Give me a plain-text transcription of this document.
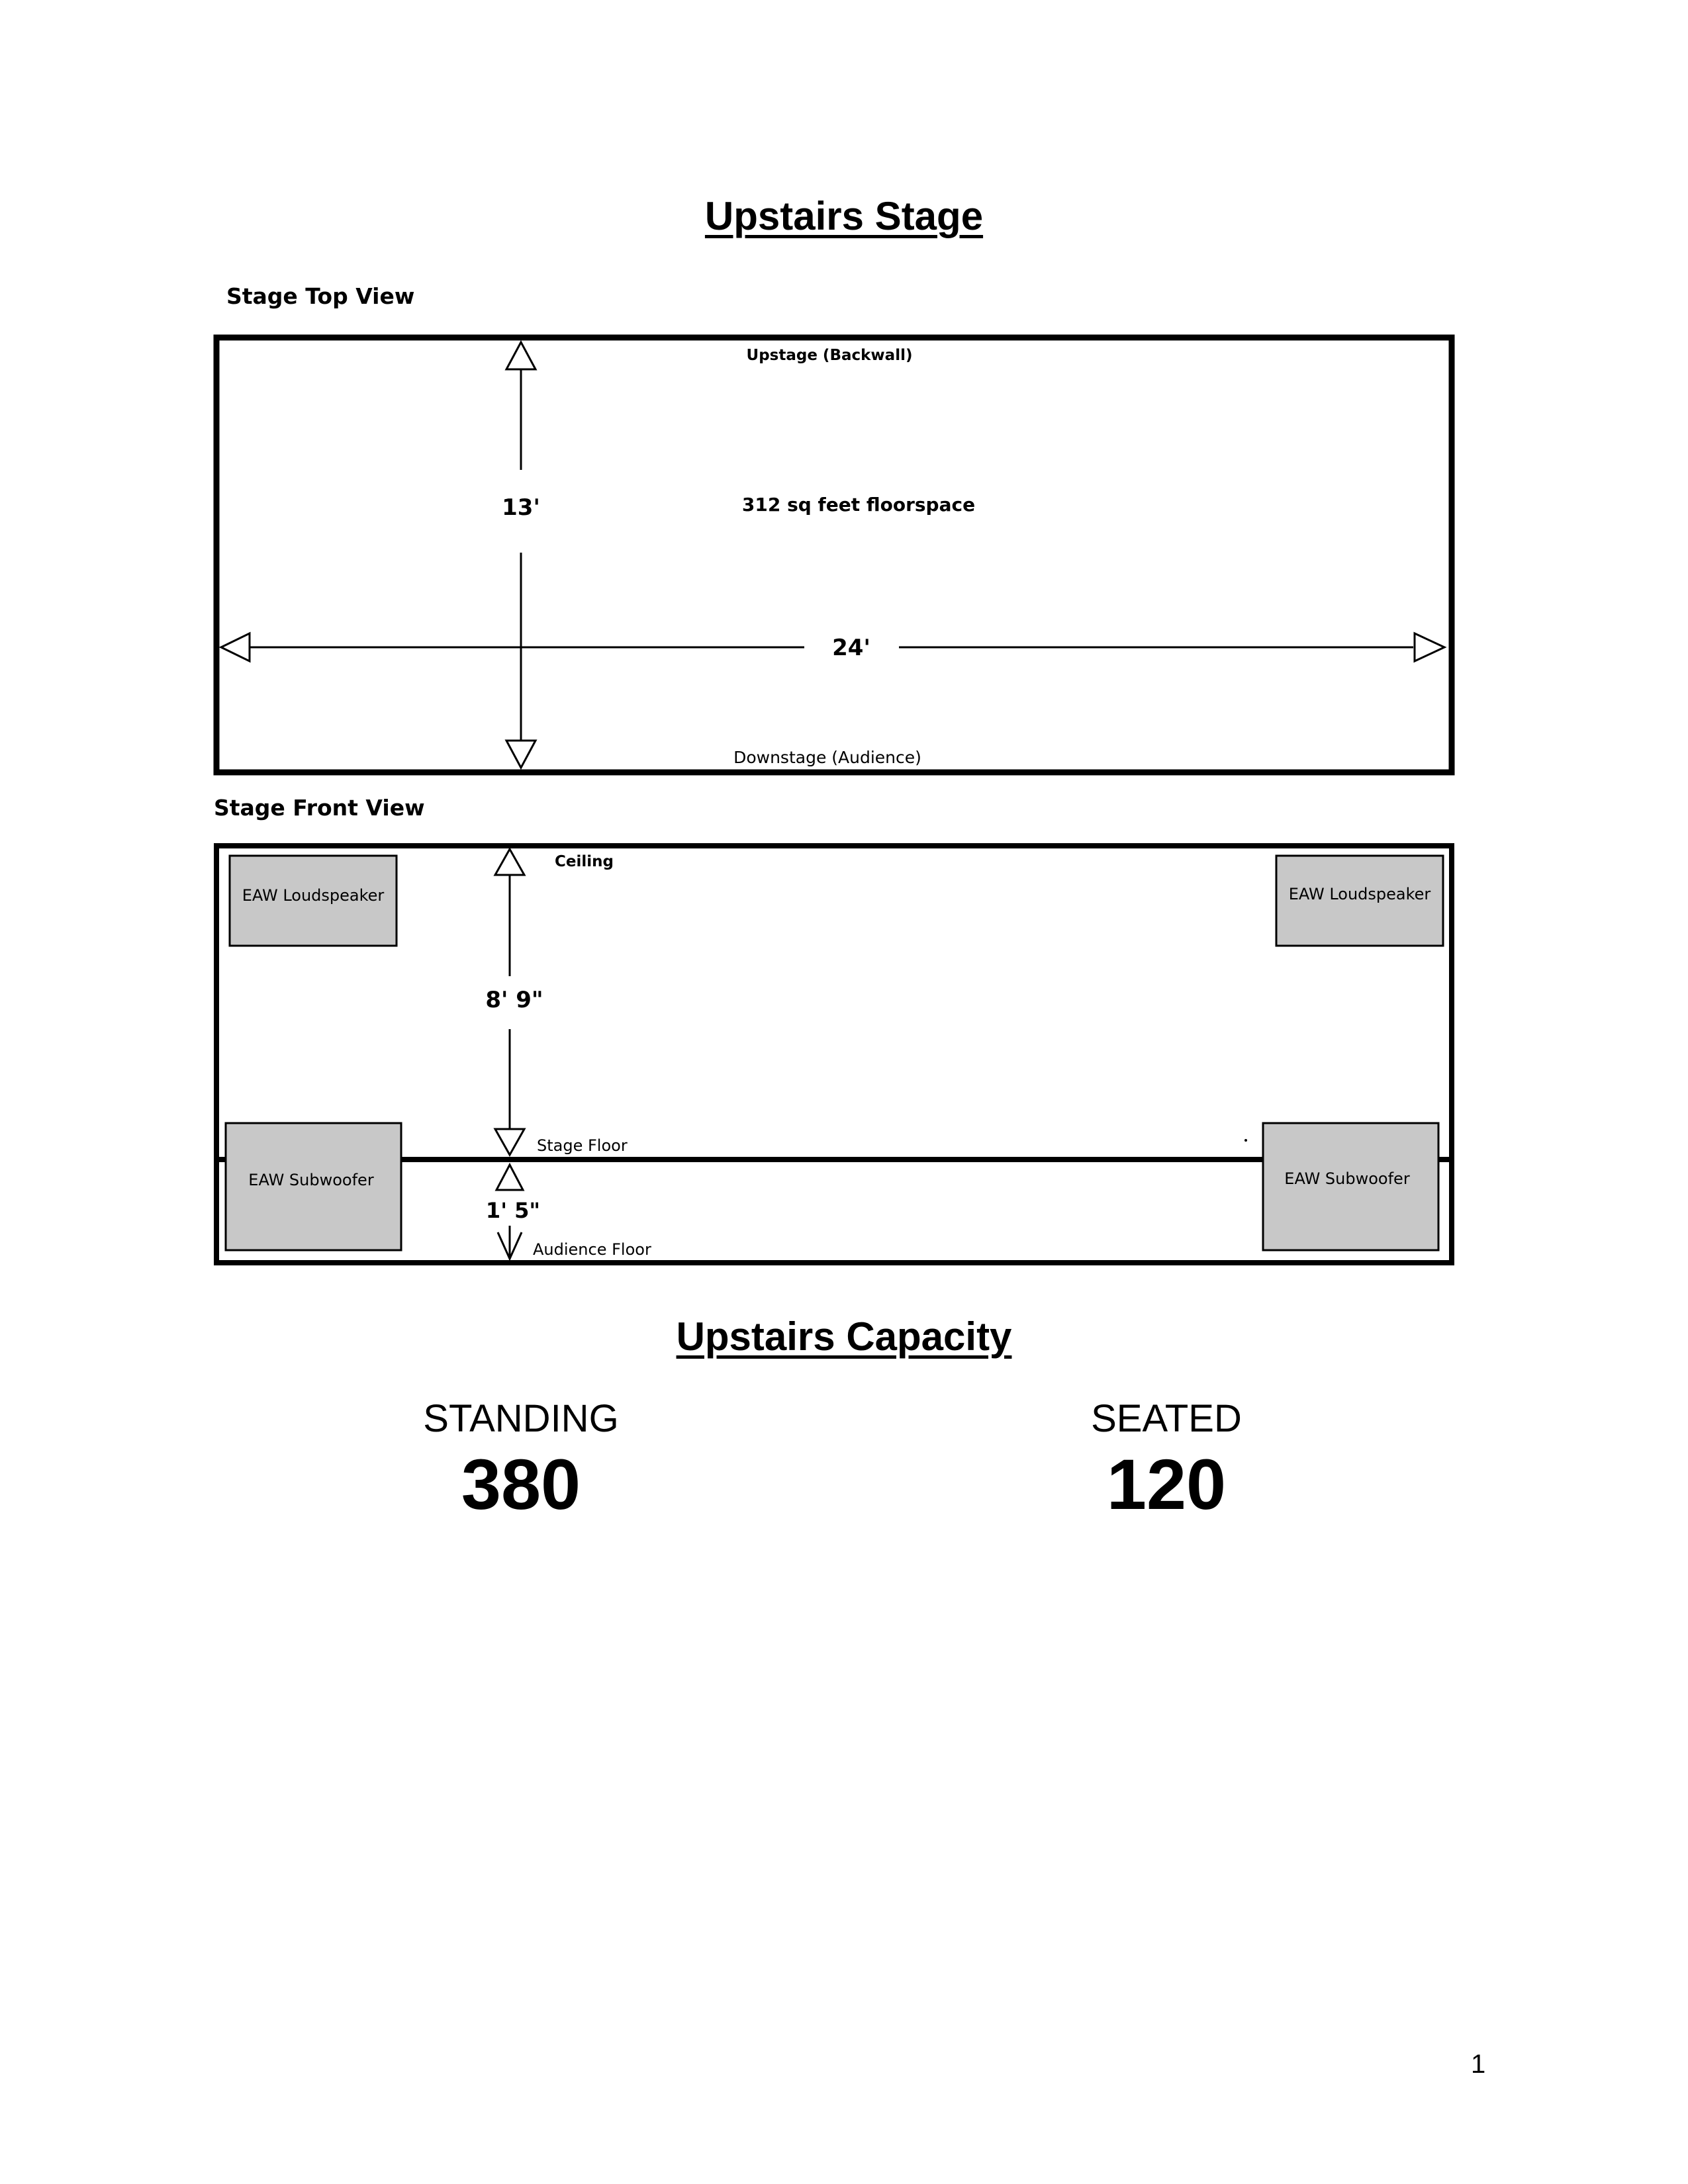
Upstairs Stage
Stage Top View
Upstage (Backwall)
312 sq feet floorspace
13'
24'
Downstage (Audience)
Ceiling
8' 9"
Stage Floor
1' 5"
Audience Floor
EAW Loudspeaker	EAW Loudspeaker
EAW Subwoofer	EAW Subwoofer
Stage Front View
Upstairs Capacity
STANDING
380
SEATED
120
1
